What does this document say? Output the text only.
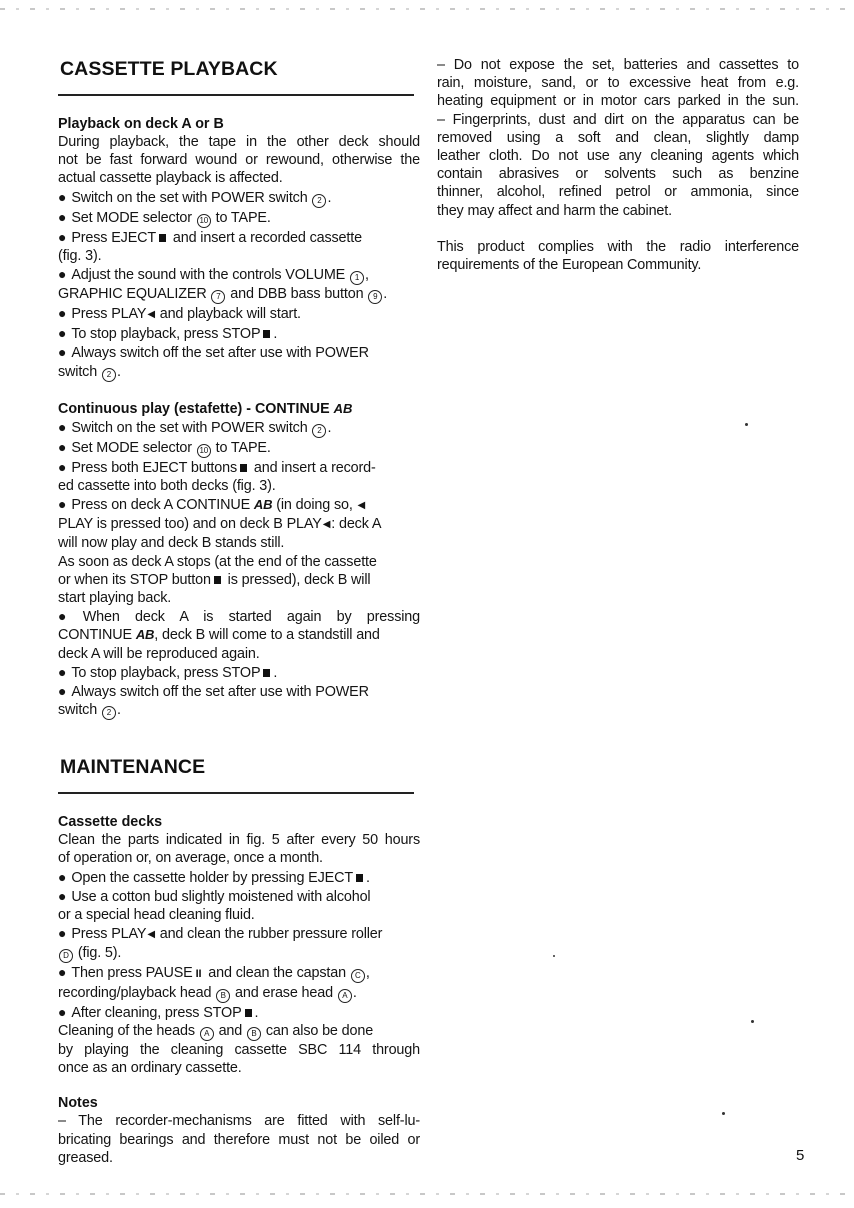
CASSETTE PLAYBACK

Playback on deck A or B

During playback, the tape in the other deck should

not be fast forward wound or rewound, otherwise the

actual cassette playback is affected.

● Switch on the set with POWER switch 2 .

● Set MODE selector 10 to TAPE.

● Press EJECT and insert a recorded cassette

(fig. 3).

● Adjust the sound with the controls VOLUME 1 ,

GRAPHIC EQUALIZER 7 and DBB bass button 9 .

● Press PLAY◀ and playback will start.

● To stop playback, press STOP .

● Always switch off the set after use with POWER

switch 2 .

Continuous play (estafette) - CONTINUE AB

● Switch on the set with POWER switch 2 .

● Set MODE selector 10 to TAPE.

● Press both EJECT buttons and insert a record-

ed cassette into both decks (fig. 3).

● Press on deck A CONTINUE AB (in doing so, ◀

PLAY is pressed too) and on deck B PLAY◀: deck A

will now play and deck B stands still.

As soon as deck A stops (at the end of the cassette

or when its STOP button is pressed), deck B will

start playing back.

● When deck A is started again by pressing

CONTINUE AB, deck B will come to a standstill and

deck A will be reproduced again.

● To stop playback, press STOP .

● Always switch off the set after use with POWER

switch 2 .

MAINTENANCE

Cassette decks

Clean the parts indicated in fig. 5 after every 50 hours

of operation or, on average, once a month.

● Open the cassette holder by pressing EJECT .

● Use a cotton bud slightly moistened with alcohol

or a special head cleaning fluid.

● Press PLAY◀ and clean the rubber pressure roller

D (fig. 5).

● Then press PAUSE II and clean the capstan C ,

recording/playback head B and erase head A .

● After cleaning, press STOP .

Cleaning of the heads A and B can also be done

by playing the cleaning cassette SBC 114 through

once as an ordinary cassette.

Notes

– The recorder-mechanisms are fitted with self-lu-

bricating bearings and therefore must not be oiled or

greased.

– Do not expose the set, batteries and cassettes to

rain, moisture, sand, or to excessive heat from e.g.

heating equipment or in motor cars parked in the sun.

– Fingerprints, dust and dirt on the apparatus can be

removed using a soft and clean, slightly damp

leather cloth. Do not use any cleaning agents which

contain abrasives or solvents such as benzine

thinner, alcohol, refined petrol or ammonia, since

they may affect and harm the cabinet.

This product complies with the radio interference

requirements of the European Community.

5
